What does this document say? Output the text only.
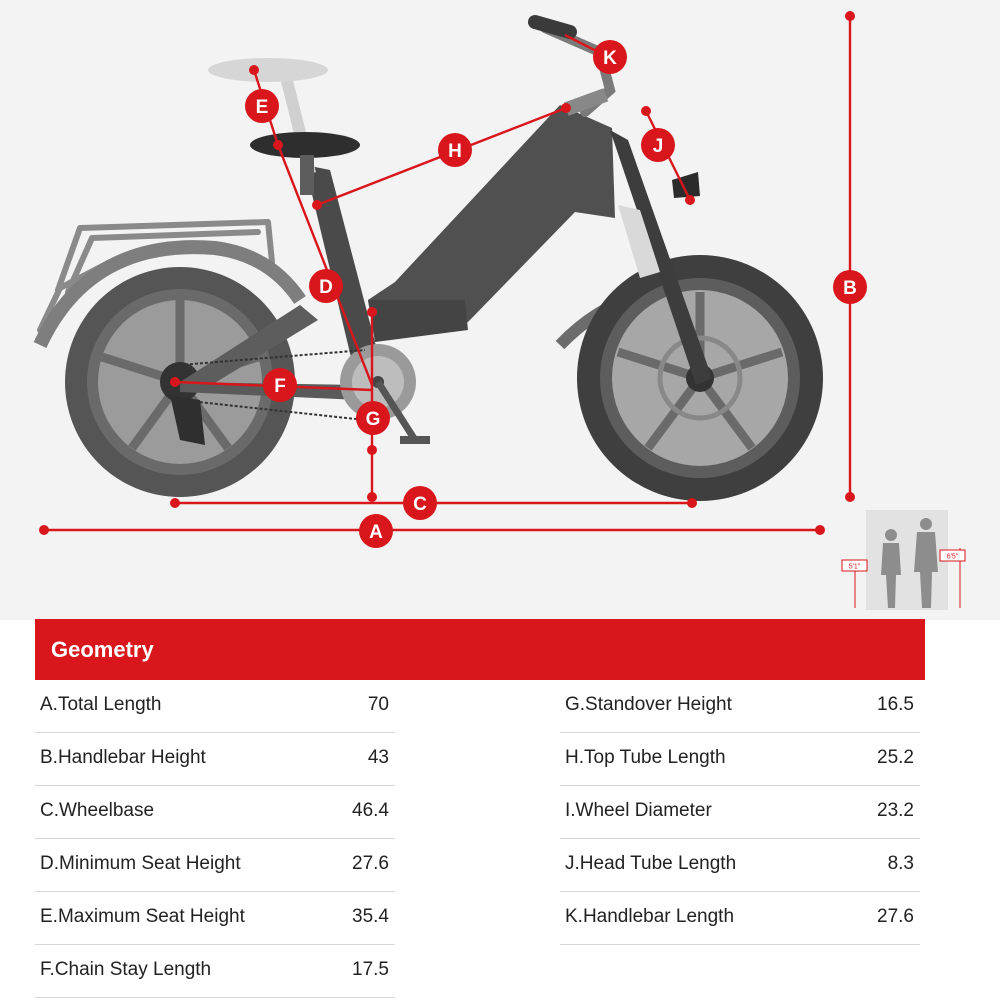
A
B
C
D
E
F
G
H	J
K
5'1"
6'5"
Geometry
A.Total Length	70
B.Handlebar Height	43
C.Wheelbase	46.4
D.Minimum Seat Height	27.6
E.Maximum Seat Height	35.4
F.Chain Stay Length	17.5
G.Standover Height	16.5
H.Top Tube Length	25.2
I.Wheel Diameter	23.2
J.Head Tube Length	8.3
K.Handlebar Length	27.6
